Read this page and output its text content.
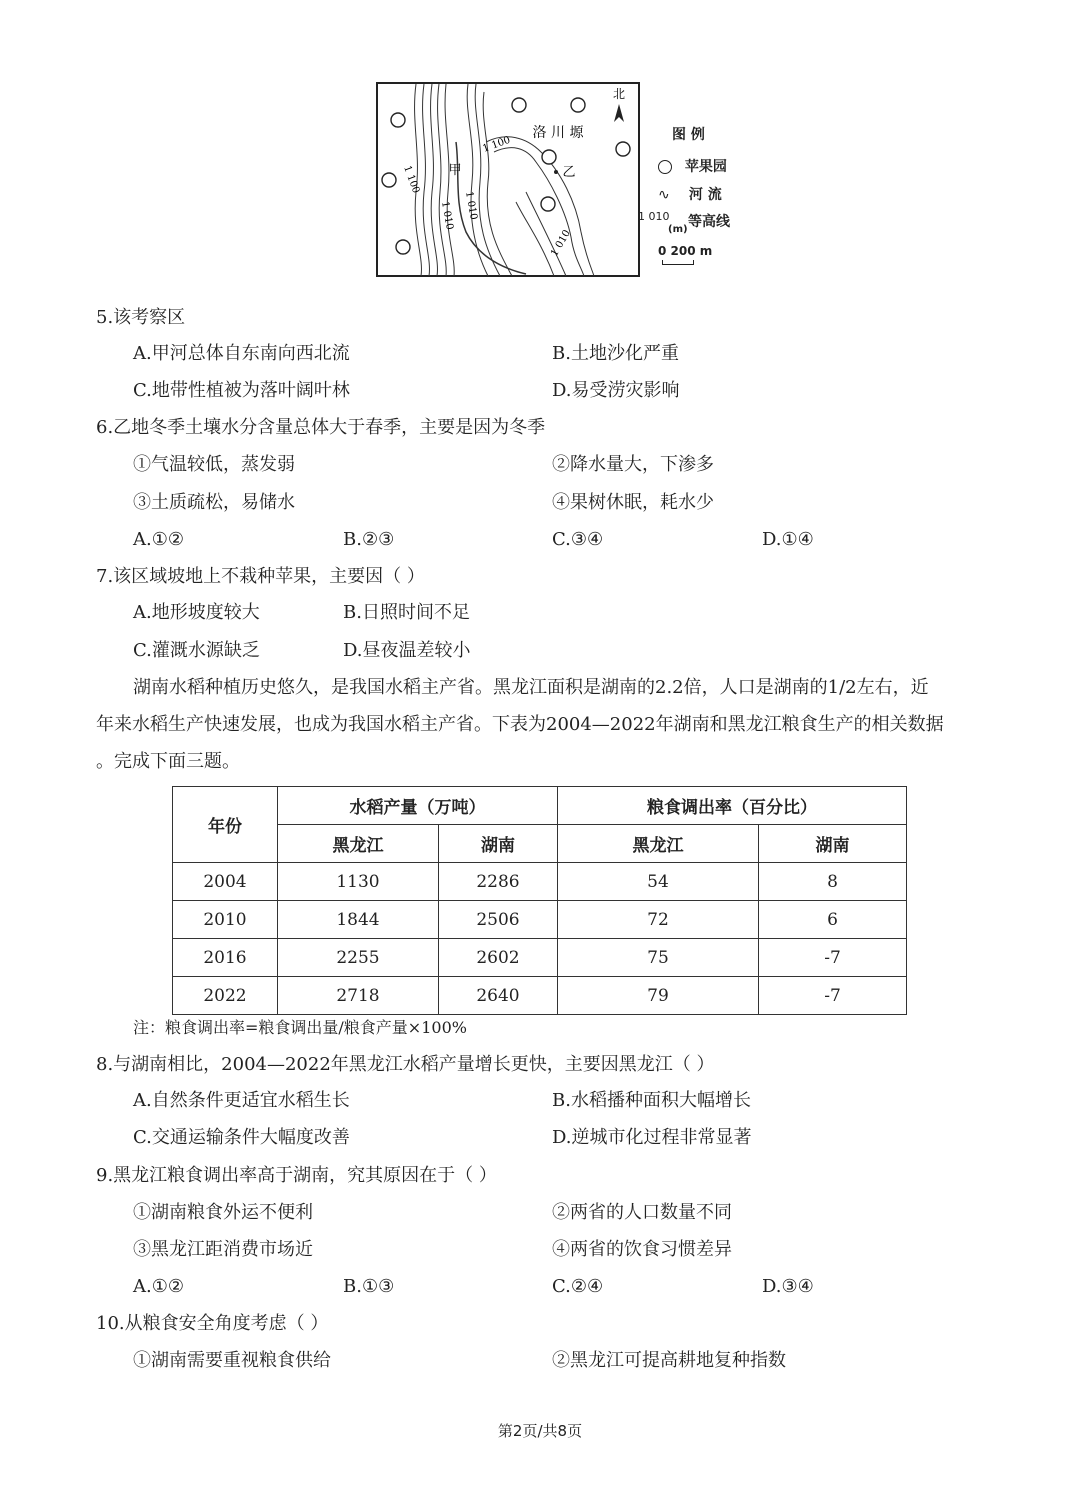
北
洛 川 塬
甲	乙
1 100
1 100
1 010 1 010
1 010
图 例
苹果园
∿ 河 流
1 010 等高线
(m)
0 200 m
5.该考察区
A.甲河总体自东南向西北流	B.土地沙化严重
C.地带性植被为落叶阔叶林	D.易受涝灾影响
6.乙地冬季土壤水分含量总体大于春季，主要是因为冬季
①气温较低，蒸发弱	②降水量大，下渗多
③土质疏松，易储水	④果树休眠，耗水少
A.①②	B.②③	C.③④	D.①④
7.该区域坡地上不栽种苹果，主要因（ ）
A.地形坡度较大	B.日照时间不足
C.灌溉水源缺乏	D.昼夜温差较小
湖南水稻种植历史悠久，是我国水稻主产省。黑龙江面积是湖南的2.2倍，人口是湖南的1/2左右，近
年来水稻生产快速发展，也成为我国水稻主产省。下表为2004—2022年湖南和黑龙江粮食生产的相关数据
。完成下面三题。
年份	水稻产量（万吨）		粮食调出率（百分比）	
	黑龙江	湖南	黑龙江	湖南
2004	1130	2286	54	8
2010	1844	2506	72	6
2016	2255	2602	75	-7
2022	2718	2640	79	-7
注：粮食调出率=粮食调出量/粮食产量×100%
8.与湖南相比，2004—2022年黑龙江水稻产量增长更快，主要因黑龙江（ ）
A.自然条件更适宜水稻生长	B.水稻播种面积大幅增长
C.交通运输条件大幅度改善	D.逆城市化过程非常显著
9.黑龙江粮食调出率高于湖南，究其原因在于（ ）
①湖南粮食外运不便利	②两省的人口数量不同
③黑龙江距消费市场近	④两省的饮食习惯差异
A.①②	B.①③	C.②④	D.③④
10.从粮食安全角度考虑（ ）
①湖南需要重视粮食供给	②黑龙江可提高耕地复种指数
第2页/共8页
